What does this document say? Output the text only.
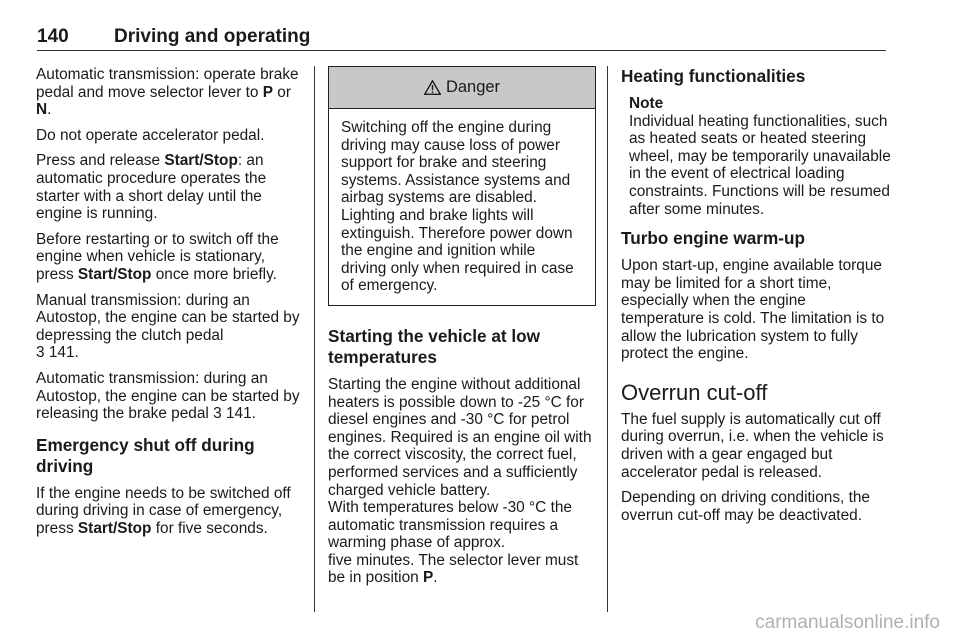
140 Driving and operating

Automatic transmission: operate brake pedal and move selector lever to P or N.

Do not operate accelerator pedal.

Press and release Start/Stop: an automatic procedure operates the starter with a short delay until the engine is running.

Before restarting or to switch off the engine when vehicle is stationary, press Start/Stop once more briefly.

Manual transmission: during an Autostop, the engine can be started by depressing the clutch pedal
3 141.

Automatic transmission: during an Autostop, the engine can be started by releasing the brake pedal 3 141.

Emergency shut off during driving

If the engine needs to be switched off during driving in case of emergency, press Start/Stop for five seconds.

Danger
Switching off the engine during driving may cause loss of power support for brake and steering systems. Assistance systems and airbag systems are disabled. Lighting and brake lights will extinguish. Therefore power down the engine and ignition while driving only when required in case of emergency.
Starting the vehicle at low temperatures

Starting the engine without additional heaters is possible down to -25 °C for diesel engines and -30 °C for petrol engines. Required is an engine oil with the correct viscosity, the correct fuel, performed services and a sufficiently charged vehicle battery.

With temperatures below -30 °C the automatic transmission requires a warming phase of approx.
five minutes. The selector lever must be in position P.

Heating functionalities
Note
Individual heating functionalities, such as heated seats or heated steering wheel, may be temporarily unavailable in the event of electrical loading constraints. Functions will be resumed after some minutes.
Turbo engine warm-up

Upon start-up, engine available torque may be limited for a short time, especially when the engine temperature is cold. The limitation is to allow the lubrication system to fully protect the engine.

Overrun cut-off

The fuel supply is automatically cut off during overrun, i.e. when the vehicle is driven with a gear engaged but accelerator pedal is released.

Depending on driving conditions, the overrun cut-off may be deactivated.

carmanualsonline.info
